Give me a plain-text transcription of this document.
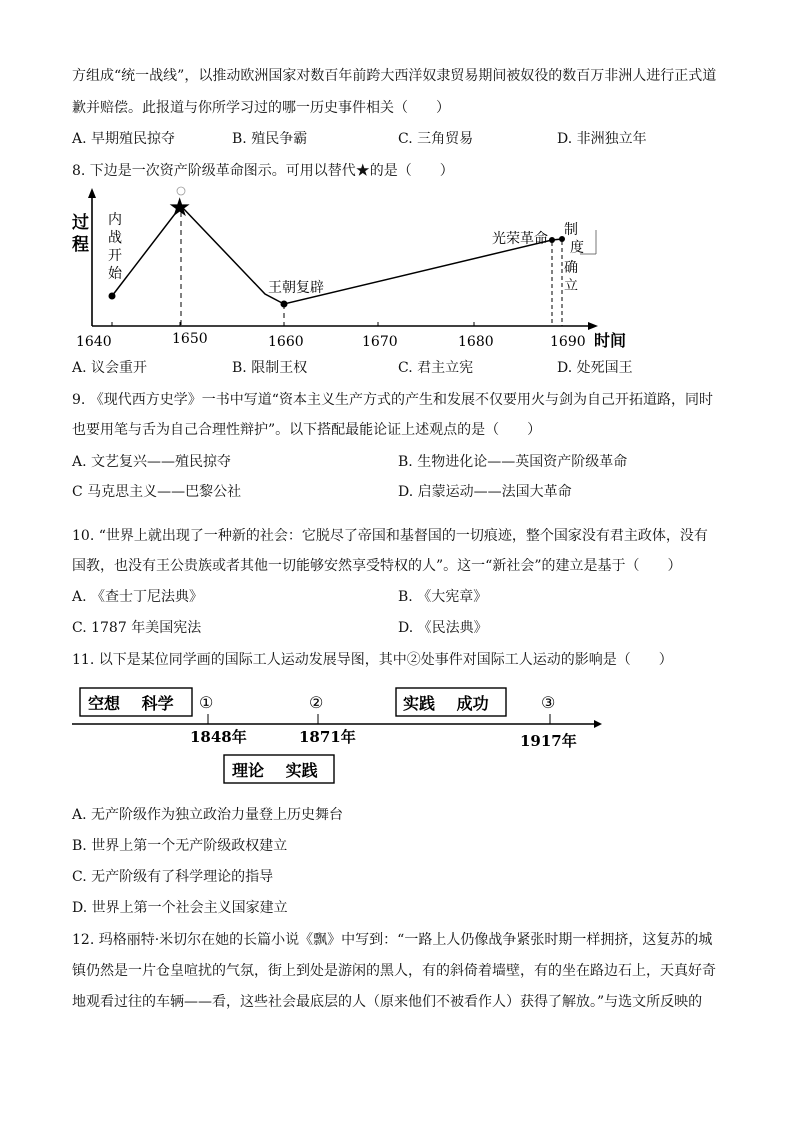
方组成“统一战线”，以推动欧洲国家对数百年前跨大西洋奴隶贸易期间被奴役的数百万非洲人进行正式道
歉并赔偿。此报道与你所学习过的哪一历史事件相关（　　）
A. 早期殖民掠夺	B. 殖民争霸	C. 三角贸易	D. 非洲独立年
8. 下边是一次资产阶级革命图示。可用以替代★的是（　　）
过
程
时间
1640	1650	1660	1670	1680	1690
★
内
战
开
始
王朝复辟
光荣革命
制
度
确
立
A. 议会重开	B. 限制王权	C. 君主立宪	D. 处死国王
9. 《现代西方史学》一书中写道“资本主义生产方式的产生和发展不仅要用火与剑为自己开拓道路，同时
也要用笔与舌为自己合理性辩护”。以下搭配最能论证上述观点的是（　　）
A. 文艺复兴——殖民掠夺	B. 生物进化论——英国资产阶级革命
C 马克思主义——巴黎公社	D. 启蒙运动——法国大革命
10. “世界上就出现了一种新的社会：它脱尽了帝国和基督国的一切痕迹，整个国家没有君主政体，没有
国教，也没有王公贵族或者其他一切能够安然享受特权的人”。这一“新社会”的建立是基于（　　）
A. 《查士丁尼法典》	B. 《大宪章》
C. 1787 年美国宪法	D. 《民法典》
11. 以下是某位同学画的国际工人运动发展导图，其中②处事件对国际工人运动的影响是（　　）
空想　 科学	实践　 成功
理论　 实践
①	②	③
1848年	1871年	1917年
A. 无产阶级作为独立政治力量登上历史舞台
B. 世界上第一个无产阶级政权建立
C. 无产阶级有了科学理论的指导
D. 世界上第一个社会主义国家建立
12. 玛格丽特·米切尔在她的长篇小说《飘》中写到：“一路上人仍像战争紧张时期一样拥挤，这复苏的城
镇仍然是一片仓皇喧扰的气氛，街上到处是游闲的黑人，有的斜倚着墙壁，有的坐在路边石上，天真好奇
地观看过往的车辆——看，这些社会最底层的人（原来他们不被看作人）获得了解放。”与选文所反映的
